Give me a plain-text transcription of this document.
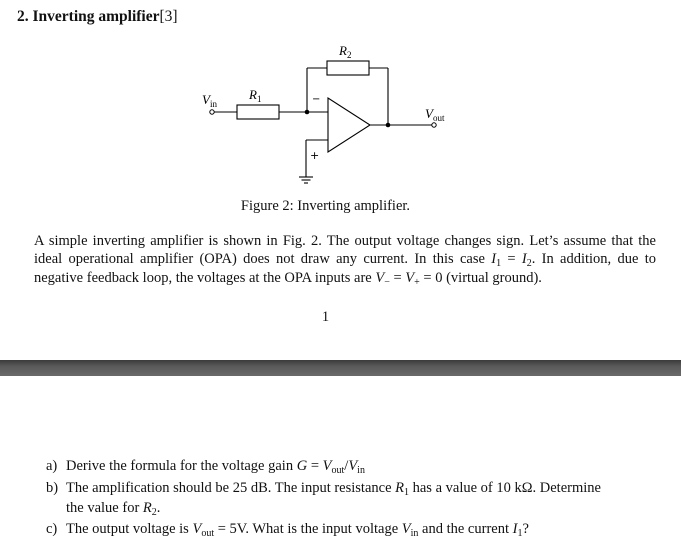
2. Inverting amplifier[3]
$R_2$
$R_1$
$V_{in}$
$V_{out}$
−
+
Figure 2: Inverting amplifier.

A simple inverting amplifier is shown in Fig. 2. The output voltage changes sign. Let’s assume that the ideal operational amplifier (OPA) does not draw any current. In this case $I_1 = I_2$. In addition, due to negative feedback loop, the voltages at the OPA inputs are $V_- = V_+ = 0$ (virtual ground).

1
a) Derive the formula for the voltage gain $G = V_{out}/V_{in}$
b) The amplification should be 25 dB. The input resistance $R_1$ has a value of 10 kΩ. Determine
the value for $R_2$.
c) The output voltage is $V_{out} = 5V$. What is the input voltage $V_{in}$ and the current $I_1$?
